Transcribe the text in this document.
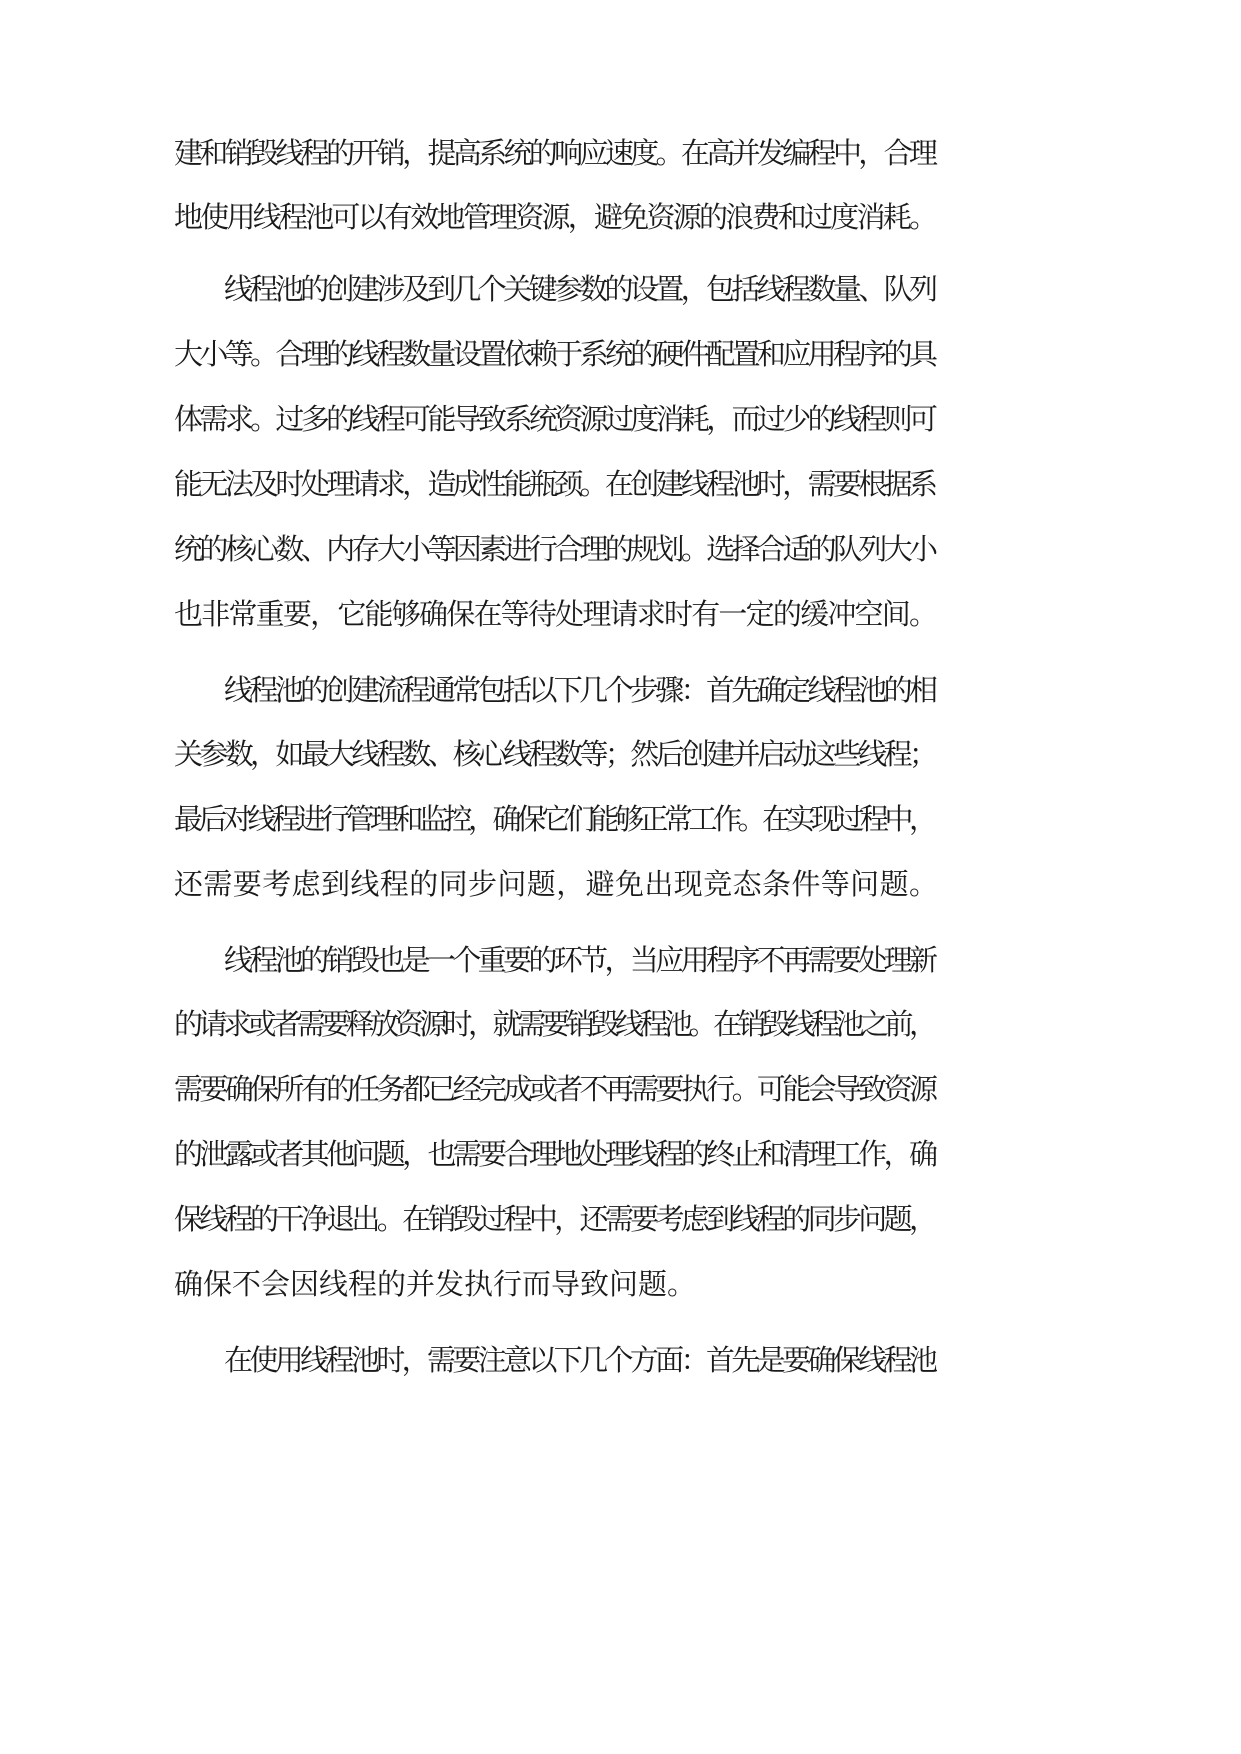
建和销毁线程的开销，提高系统的响应速度。在高并发编程中，合理
地使用线程池可以有效地管理资源，避免资源的浪费和过度消耗。
线程池的创建涉及到几个关键参数的设置，包括线程数量、队列
大小等。合理的线程数量设置依赖于系统的硬件配置和应用程序的具
体需求。过多的线程可能导致系统资源过度消耗，而过少的线程则可
能无法及时处理请求，造成性能瓶颈。在创建线程池时，需要根据系
统的核心数、内存大小等因素进行合理的规划。选择合适的队列大小
也非常重要，它能够确保在等待处理请求时有一定的缓冲空间。
线程池的创建流程通常包括以下几个步骤：首先确定线程池的相
关参数，如最大线程数、核心线程数等；然后创建并启动这些线程；
最后对线程进行管理和监控，确保它们能够正常工作。在实现过程中，
还需要考虑到线程的同步问题，避免出现竞态条件等问题。
线程池的销毁也是一个重要的环节，当应用程序不再需要处理新
的请求或者需要释放资源时，就需要销毁线程池。在销毁线程池之前，
需要确保所有的任务都已经完成或者不再需要执行。可能会导致资源
的泄露或者其他问题，也需要合理地处理线程的终止和清理工作，确
保线程的干净退出。在销毁过程中，还需要考虑到线程的同步问题，
确保不会因线程的并发执行而导致问题。
在使用线程池时，需要注意以下几个方面：首先是要确保线程池
